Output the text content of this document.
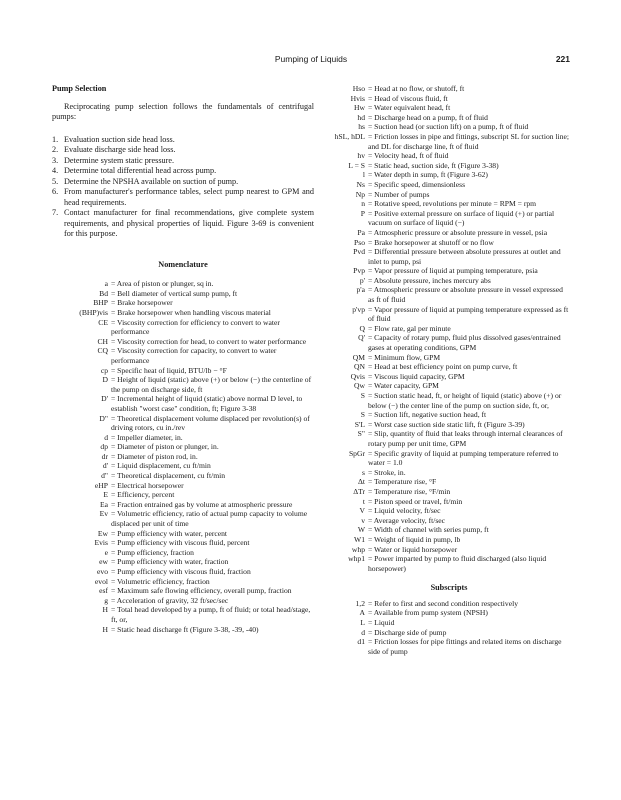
Pumping of Liquids	221
Pump Selection

Reciprocating pump selection follows the fundamentals of centrifugal pumps:

1. Evaluation suction side head loss.
2. Evaluate discharge side head loss.
3. Determine system static pressure.
4. Determine total differential head across pump.
5. Determine the NPSHA available on suction of pump.
6. From manufacturer's performance tables, select pump nearest to GPM and head requirements.
7. Contact manufacturer for final recommendations, give complete system requirements, and physical properties of liquid. Figure 3-69 is convenient for this purpose.
Nomenclature
a = Area of piston or plunger, sq in.
Bd = Bell diameter of vertical sump pump, ft
BHP = Brake horsepower
(BHP)vis = Brake horsepower when handling viscous material
CE = Viscosity correction for efficiency to convert to water performance
CH = Viscosity correction for head, to convert to water performance
CQ = Viscosity correction for capacity, to convert to water performance
cp = Specific heat of liquid, BTU/lb − °F
D = Height of liquid (static) above (+) or below (−) the centerline of the pump on discharge side, ft
D' = Incremental height of liquid (static) above normal D level, to establish "worst case" condition, ft; Figure 3-38
D" = Theoretical displacement volume displaced per revolution(s) of driving rotors, cu in./rev
d = Impeller diameter, in.
dp = Diameter of piston or plunger, in.
dr = Diameter of piston rod, in.
d' = Liquid displacement, cu ft/min
d" = Theoretical displacement, cu ft/min
eHP = Electrical horsepower
E = Efficiency, percent
Ea = Fraction entrained gas by volume at atmospheric pressure
Ev = Volumetric efficiency, ratio of actual pump capacity to volume displaced per unit of time
Ew = Pump efficiency with water, percent
Evis = Pump efficiency with viscous fluid, percent
e = Pump efficiency, fraction
ew = Pump efficiency with water, fraction
evo = Pump efficiency with viscous fluid, fraction
evol = Volumetric efficiency, fraction
esf = Maximum safe flowing efficiency, overall pump, fraction
g = Acceleration of gravity, 32 ft/sec/sec
H = Total head developed by a pump, ft of fluid; or total head/stage, ft, or,
H = Static head discharge ft (Figure 3-38, -39, -40)
Hso = Head at no flow, or shutoff, ft
Hvis = Head of viscous fluid, ft
Hw = Water equivalent head, ft
hd = Discharge head on a pump, ft of fluid
hs = Suction head (or suction lift) on a pump, ft of fluid
hSL, hDL = Friction losses in pipe and fittings, subscript SL for suction line; and DL for discharge line, ft of fluid
hv = Velocity head, ft of fluid
L = S = Static head, suction side, ft (Figure 3-38)
l = Water depth in sump, ft (Figure 3-62)
Ns = Specific speed, dimensionless
Np = Number of pumps
n = Rotative speed, revolutions per minute = RPM = rpm
P = Positive external pressure on surface of liquid (+) or partial vacuum on surface of liquid (−)
Pa = Atmospheric pressure or absolute pressure in vessel, psia
Pso = Brake horsepower at shutoff or no flow
Pvd = Differential pressure between absolute pressures at outlet and inlet to pump, psi
Pvp = Vapor pressure of liquid at pumping temperature, psia
p' = Absolute pressure, inches mercury abs
p'a = Atmospheric pressure or absolute pressure in vessel expressed as ft of fluid
p'vp = Vapor pressure of liquid at pumping temperature expressed as ft of fluid
Q = Flow rate, gal per minute
Q' = Capacity of rotary pump, fluid plus dissolved gases/entrained gases at operating conditions, GPM
QM = Minimum flow, GPM
QN = Head at best efficiency point on pump curve, ft
Qvis = Viscous liquid capacity, GPM
Qw = Water capacity, GPM
S = Suction static head, ft, or height of liquid (static) above (+) or below (−) the center line of the pump on suction side, ft, or,
S = Suction lift, negative suction head, ft
S'L = Worst case suction side static lift, ft (Figure 3-39)
S" = Slip, quantity of fluid that leaks through internal clearances of rotary pump per unit time, GPM
SpGr = Specific gravity of liquid at pumping temperature referred to water = 1.0
s = Stroke, in.
Δt = Temperature rise, °F
ΔTr = Temperature rise, °F/min
t = Piston speed or travel, ft/min
V = Liquid velocity, ft/sec
v = Average velocity, ft/sec
W = Width of channel with series pump, ft
W1 = Weight of liquid in pump, lb
whp = Water or liquid horsepower
whp1 = Power imparted by pump to fluid discharged (also liquid horsepower)
Subscripts
1,2 = Refer to first and second condition respectively
A = Available from pump system (NPSH)
L = Liquid
d = Discharge side of pump
d1 = Friction losses for pipe fittings and related items on discharge side of pump
